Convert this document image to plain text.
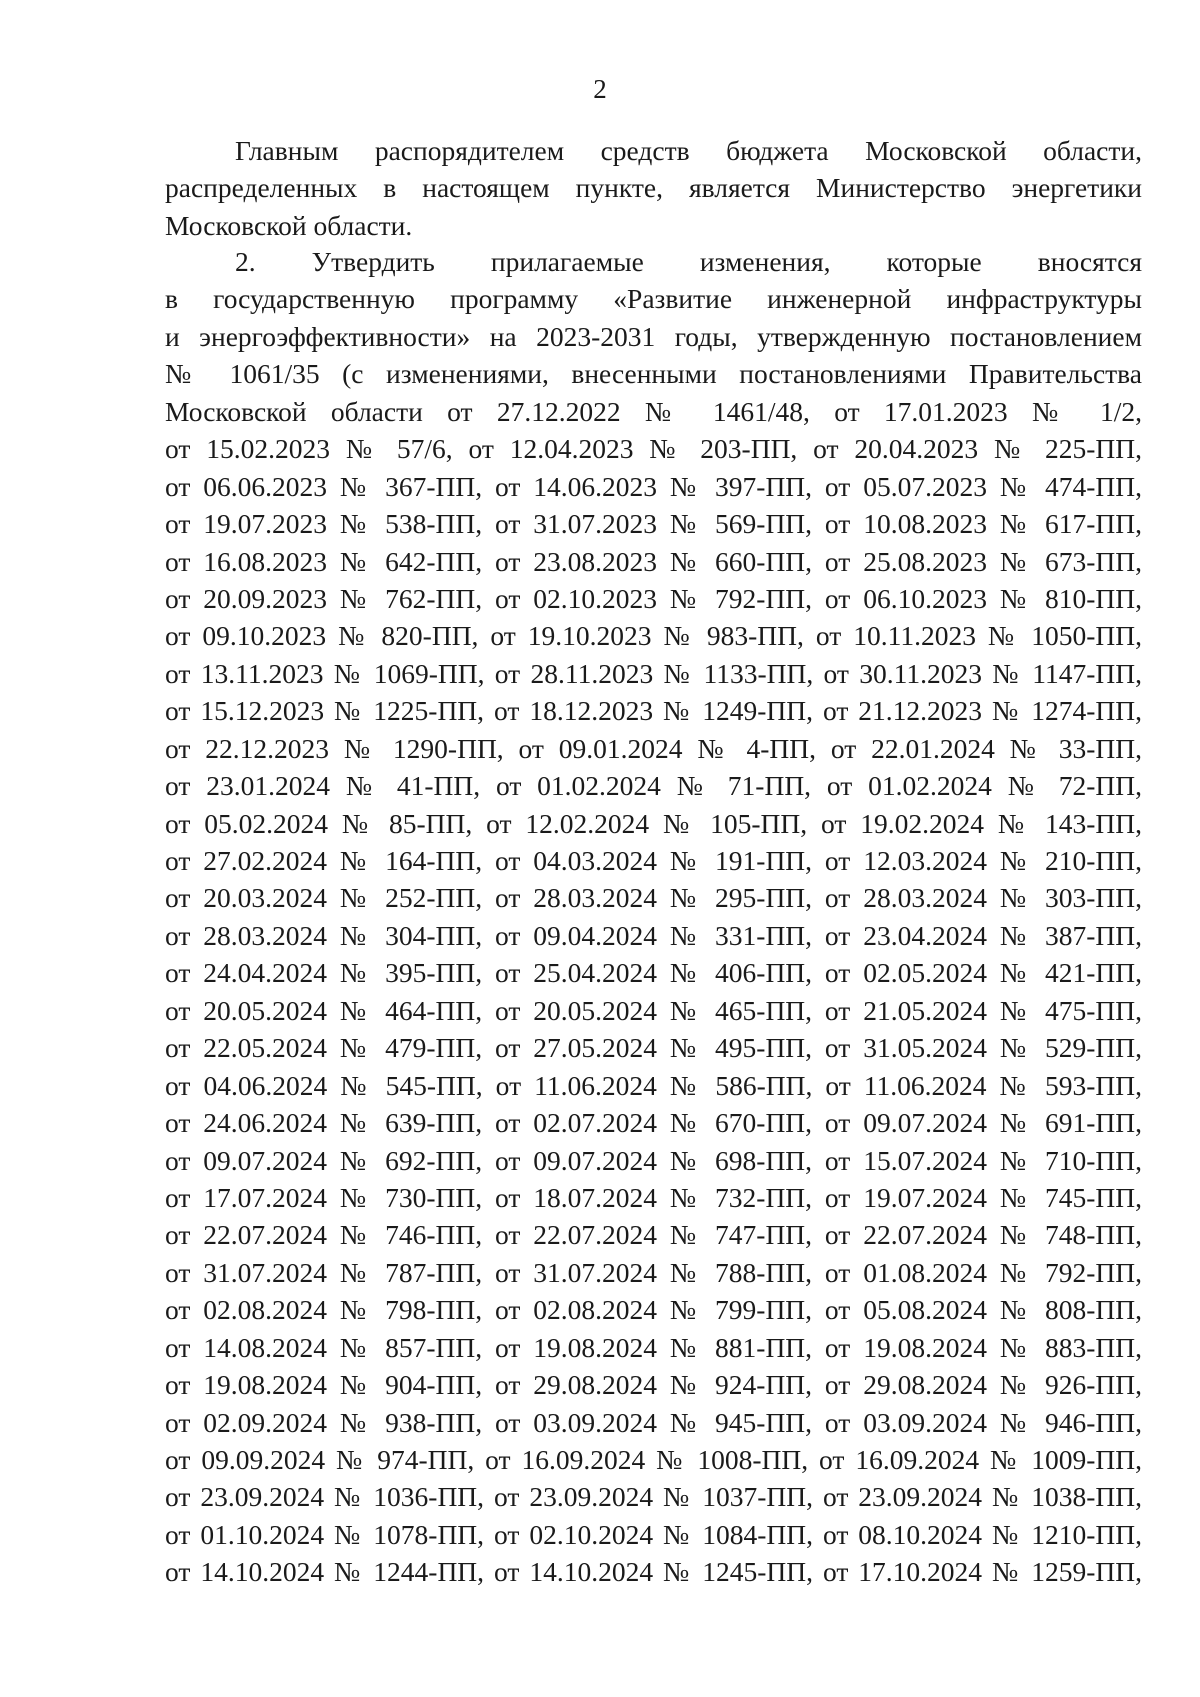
2
Главным распорядителем средств бюджета Московской области,
распределенных в настоящем пункте, является Министерство энергетики
Московской области.
2. Утвердить прилагаемые изменения, которые вносятся
в государственную программу «Развитие инженерной инфраструктуры
и энергоэффективности» на 2023-2031 годы, утвержденную постановлением
№ 1061/35 (с изменениями, внесенными постановлениями Правительства
Московской области от 27.12.2022 № 1461/48, от 17.01.2023 № 1/2,
от 15.02.2023 № 57/6, от 12.04.2023 № 203-ПП, от 20.04.2023 № 225-ПП,
от 06.06.2023 № 367-ПП, от 14.06.2023 № 397-ПП, от 05.07.2023 № 474-ПП,
от 19.07.2023 № 538-ПП, от 31.07.2023 № 569-ПП, от 10.08.2023 № 617-ПП,
от 16.08.2023 № 642-ПП, от 23.08.2023 № 660-ПП, от 25.08.2023 № 673-ПП,
от 20.09.2023 № 762-ПП, от 02.10.2023 № 792-ПП, от 06.10.2023 № 810-ПП,
от 09.10.2023 № 820-ПП, от 19.10.2023 № 983-ПП, от 10.11.2023 № 1050-ПП,
от 13.11.2023 № 1069-ПП, от 28.11.2023 № 1133-ПП, от 30.11.2023 № 1147-ПП,
от 15.12.2023 № 1225-ПП, от 18.12.2023 № 1249-ПП, от 21.12.2023 № 1274-ПП,
от 22.12.2023 № 1290-ПП, от 09.01.2024 № 4-ПП, от 22.01.2024 № 33-ПП,
от 23.01.2024 № 41-ПП, от 01.02.2024 № 71-ПП, от 01.02.2024 № 72-ПП,
от 05.02.2024 № 85-ПП, от 12.02.2024 № 105-ПП, от 19.02.2024 № 143-ПП,
от 27.02.2024 № 164-ПП, от 04.03.2024 № 191-ПП, от 12.03.2024 № 210-ПП,
от 20.03.2024 № 252-ПП, от 28.03.2024 № 295-ПП, от 28.03.2024 № 303-ПП,
от 28.03.2024 № 304-ПП, от 09.04.2024 № 331-ПП, от 23.04.2024 № 387-ПП,
от 24.04.2024 № 395-ПП, от 25.04.2024 № 406-ПП, от 02.05.2024 № 421-ПП,
от 20.05.2024 № 464-ПП, от 20.05.2024 № 465-ПП, от 21.05.2024 № 475-ПП,
от 22.05.2024 № 479-ПП, от 27.05.2024 № 495-ПП, от 31.05.2024 № 529-ПП,
от 04.06.2024 № 545-ПП, от 11.06.2024 № 586-ПП, от 11.06.2024 № 593-ПП,
от 24.06.2024 № 639-ПП, от 02.07.2024 № 670-ПП, от 09.07.2024 № 691-ПП,
от 09.07.2024 № 692-ПП, от 09.07.2024 № 698-ПП, от 15.07.2024 № 710-ПП,
от 17.07.2024 № 730-ПП, от 18.07.2024 № 732-ПП, от 19.07.2024 № 745-ПП,
от 22.07.2024 № 746-ПП, от 22.07.2024 № 747-ПП, от 22.07.2024 № 748-ПП,
от 31.07.2024 № 787-ПП, от 31.07.2024 № 788-ПП, от 01.08.2024 № 792-ПП,
от 02.08.2024 № 798-ПП, от 02.08.2024 № 799-ПП, от 05.08.2024 № 808-ПП,
от 14.08.2024 № 857-ПП, от 19.08.2024 № 881-ПП, от 19.08.2024 № 883-ПП,
от 19.08.2024 № 904-ПП, от 29.08.2024 № 924-ПП, от 29.08.2024 № 926-ПП,
от 02.09.2024 № 938-ПП, от 03.09.2024 № 945-ПП, от 03.09.2024 № 946-ПП,
от 09.09.2024 № 974-ПП, от 16.09.2024 № 1008-ПП, от 16.09.2024 № 1009-ПП,
от 23.09.2024 № 1036-ПП, от 23.09.2024 № 1037-ПП, от 23.09.2024 № 1038-ПП,
от 01.10.2024 № 1078-ПП, от 02.10.2024 № 1084-ПП, от 08.10.2024 № 1210-ПП,
от 14.10.2024 № 1244-ПП, от 14.10.2024 № 1245-ПП, от 17.10.2024 № 1259-ПП,
